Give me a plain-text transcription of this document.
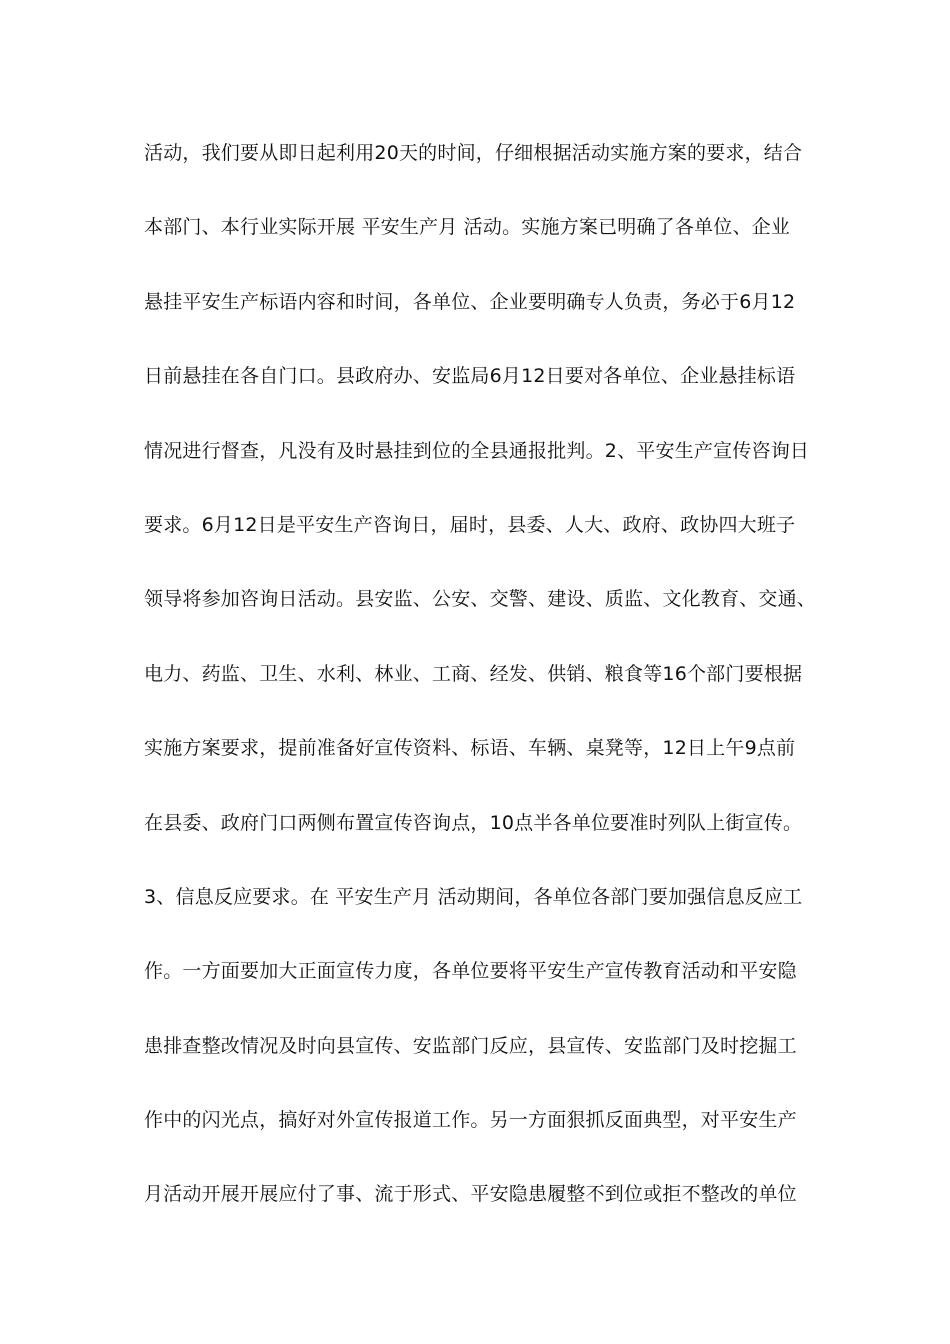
活动，我们要从即日起利用20天的时间，仔细根据活动实施方案的要求，结合
本部门、本行业实际开展 平安生产月 活动。实施方案已明确了各单位、企业
悬挂平安生产标语内容和时间，各单位、企业要明确专人负责，务必于6月12
日前悬挂在各自门口。县政府办、安监局6月12日要对各单位、企业悬挂标语
情况进行督查，凡没有及时悬挂到位的全县通报批判。2、平安生产宣传咨询日
要求。6月12日是平安生产咨询日，届时，县委、人大、政府、政协四大班子
领导将参加咨询日活动。县安监、公安、交警、建设、质监、文化教育、交通、
电力、药监、卫生、水利、林业、工商、经发、供销、粮食等16个部门要根据
实施方案要求，提前准备好宣传资料、标语、车辆、桌凳等，12日上午9点前
在县委、政府门口两侧布置宣传咨询点，10点半各单位要准时列队上街宣传。
3、信息反应要求。在 平安生产月 活动期间，各单位各部门要加强信息反应工
作。一方面要加大正面宣传力度，各单位要将平安生产宣传教育活动和平安隐
患排查整改情况及时向县宣传、安监部门反应，县宣传、安监部门及时挖掘工
作中的闪光点，搞好对外宣传报道工作。另一方面狠抓反面典型，对平安生产
月活动开展开展应付了事、流于形式、平安隐患履整不到位或拒不整改的单位
